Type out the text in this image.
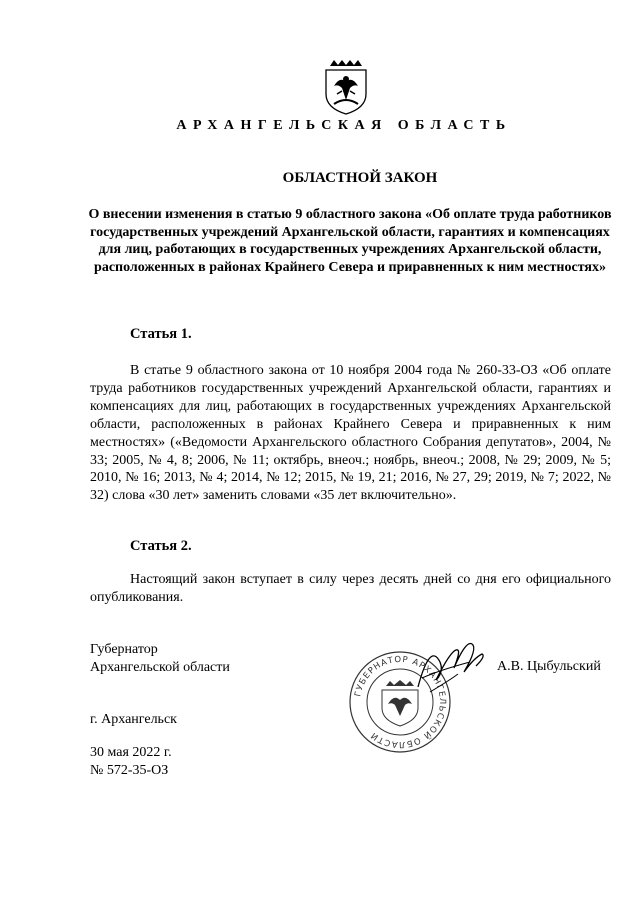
АРХАНГЕЛЬСКАЯ ОБЛАСТЬ
ОБЛАСТНОЙ ЗАКОН
О внесении изменения в статью 9 областного закона «Об оплате труда работников государственных учреждений Архангельской области, гарантиях и компенсациях для лиц, работающих в государственных учреждениях Архангельской области, расположенных в районах Крайнего Севера и приравненных к ним местностях»
Статья 1.
В статье 9 областного закона от 10 ноября 2004 года № 260-33-ОЗ «Об оплате труда работников государственных учреждений Архангельской области, гарантиях и компенсациях для лиц, работающих в государственных учреждениях Архангельской области, расположенных в районах Крайнего Севера и приравненных к ним местностях» («Ведомости Архангельского областного Собрания депутатов», 2004, № 33; 2005, № 4, 8; 2006, № 11; октябрь, внеоч.; ноябрь, внеоч.; 2008, № 29; 2009, № 5; 2010, № 16; 2013, № 4; 2014, № 12; 2015, № 19, 21; 2016, № 27, 29; 2019, № 7; 2022, № 32) слова «30 лет» заменить словами «35 лет включительно».
Статья 2.
Настоящий закон вступает в силу через десять дней со дня его официального опубликования.
Губернатор
Архангельской области	А.В. Цыбульский
ГУБЕРНАТОР АРХАНГЕЛЬСКОЙ ОБЛАСТИ
г. Архангельск
30 мая 2022 г.
№ 572-35-ОЗ
